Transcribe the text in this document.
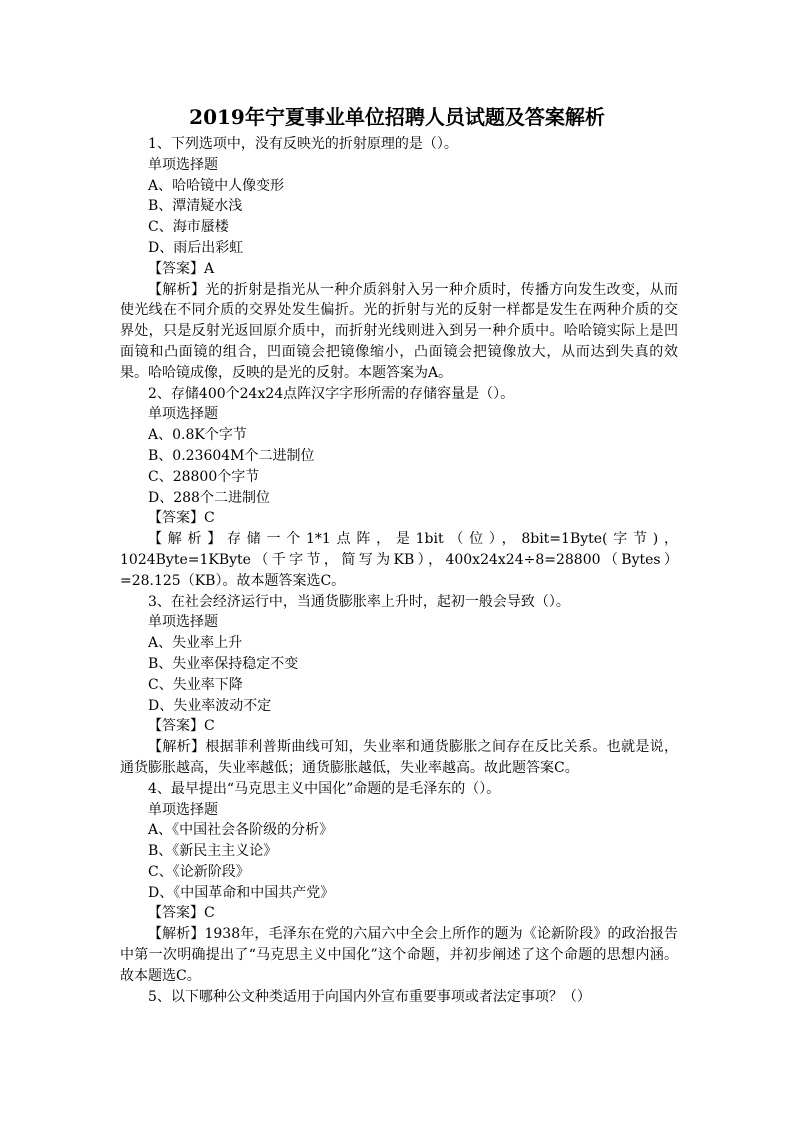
2019年宁夏事业单位招聘人员试题及答案解析
1、下列选项中，没有反映光的折射原理的是（）。
单项选择题
A、哈哈镜中人像变形
B、潭清疑水浅
C、海市蜃楼
D、雨后出彩虹
【答案】A

【解析】光的折射是指光从一种介质斜射入另一种介质时，传播方向发生改变，从而使光线在不同介质的交界处发生偏折。光的折射与光的反射一样都是发生在两种介质的交界处，只是反射光返回原介质中，而折射光线则进入到另一种介质中。哈哈镜实际上是凹面镜和凸面镜的组合，凹面镜会把镜像缩小，凸面镜会把镜像放大，从而达到失真的效果。哈哈镜成像，反映的是光的反射。本题答案为A。

2、存储400个24x24点阵汉字字形所需的存储容量是（）。
单项选择题
A、0.8K个字节
B、0.23604M个二进制位
C、28800个字节
D、288个二进制位
【答案】C

【解析】存储一个1*1点阵，是1bit（位），8bit=1Byte(字节)，1024Byte=1KByte（千字节，简写为KB），400x24x24÷8=28800（Bytes）=28.125（KB）。故本题答案选C。

3、在社会经济运行中，当通货膨胀率上升时，起初一般会导致（）。
单项选择题
A、失业率上升
B、失业率保持稳定不变
C、失业率下降
D、失业率波动不定
【答案】C

【解析】根据菲利普斯曲线可知，失业率和通货膨胀之间存在反比关系。也就是说，通货膨胀越高，失业率越低；通货膨胀越低，失业率越高。故此题答案C。

4、最早提出“马克思主义中国化”命题的是毛泽东的（）。
单项选择题
A、《中国社会各阶级的分析》
B、《新民主主义论》
C、《论新阶段》
D、《中国革命和中国共产党》
【答案】C

【解析】1938年，毛泽东在党的六届六中全会上所作的题为《论新阶段》的政治报告中第一次明确提出了“马克思主义中国化”这个命题，并初步阐述了这个命题的思想内涵。故本题选C。

5、以下哪种公文种类适用于向国内外宣布重要事项或者法定事项？（）
